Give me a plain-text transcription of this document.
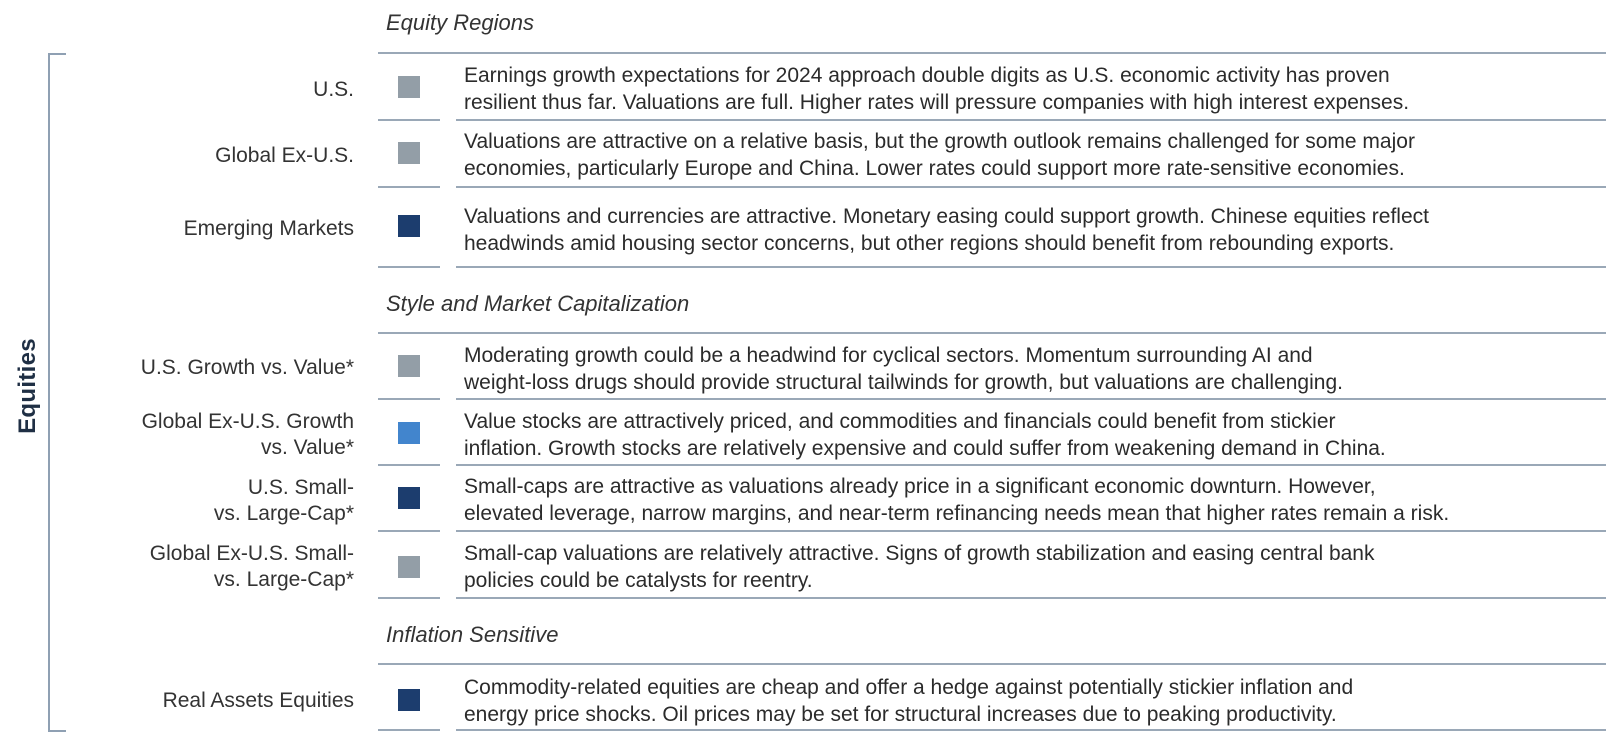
Equities
Equity Regions
Style and Market Capitalization
Inflation Sensitive
U.S.
Earnings growth expectations for 2024 approach double digits as U.S. economic activity has proven
resilient thus far. Valuations are full. Higher rates will pressure companies with high interest expenses.
Global Ex-U.S.
Valuations are attractive on a relative basis, but the growth outlook remains challenged for some major
economies, particularly Europe and China. Lower rates could support more rate-sensitive economies.
Emerging Markets
Valuations and currencies are attractive. Monetary easing could support growth. Chinese equities reflect
headwinds amid housing sector concerns, but other regions should benefit from rebounding exports.
U.S. Growth vs. Value*
Moderating growth could be a headwind for cyclical sectors. Momentum surrounding AI and
weight-loss drugs should provide structural tailwinds for growth, but valuations are challenging.
Global Ex-U.S. Growth
vs. Value*
Value stocks are attractively priced, and commodities and financials could benefit from stickier
inflation. Growth stocks are relatively expensive and could suffer from weakening demand in China.
U.S. Small-
vs. Large-Cap*
Small-caps are attractive as valuations already price in a significant economic downturn. However,
elevated leverage, narrow margins, and near-term refinancing needs mean that higher rates remain a risk.
Global Ex-U.S. Small-
vs. Large-Cap*
Small-cap valuations are relatively attractive. Signs of growth stabilization and easing central bank
policies could be catalysts for reentry.
Real Assets Equities
Commodity-related equities are cheap and offer a hedge against potentially stickier inflation and
energy price shocks. Oil prices may be set for structural increases due to peaking productivity.
